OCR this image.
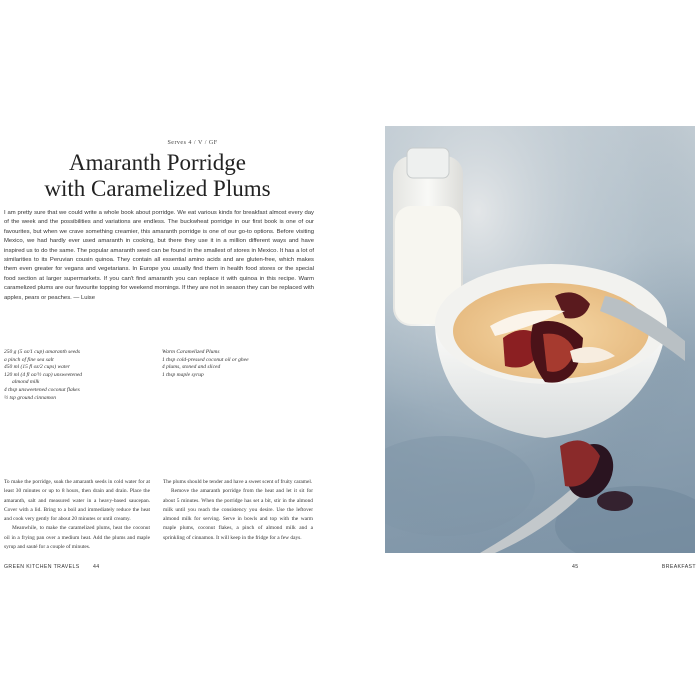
Serves 4 / V / GF
Amaranth Porridge
with Caramelized Plums
I am pretty sure that we could write a whole book about porridge. We eat various kinds for breakfast almost every day of the week and the possibilities and variations are endless. The buckwheat porridge in our first book is one of our favourites, but when we crave something creamier, this amaranth porridge is one of our go-to options. Before visiting Mexico, we had hardly ever used amaranth in cooking, but there they use it in a million different ways and have inspired us to do the same. The popular amaranth seed can be found in the smallest of stores in Mexico. It has a lot of similarities to its Peruvian cousin quinoa. They contain all essential amino acids and are gluten-free, which makes them even greater for vegans and vegetarians. In Europe you usually find them in health food stores or the special food section at larger supermarkets. If you can't find amaranth you can replace it with quinoa in this recipe. Warm caramelized plums are our favourite topping for weekend mornings. If they are not in season they can be replaced with apples, pears or peaches. — Luise
250 g (5 oz/1 cup) amaranth seeds
a pinch of fine sea salt
450 ml (15 fl oz/2 cups) water
120 ml (4 fl oz/½ cup) unsweetened
almond milk
4 tbsp unsweetened coconut flakes
½ tsp ground cinnamon
Warm Caramelized Plums
1 tbsp cold-pressed coconut oil or ghee
4 plums, stoned and sliced
1 tbsp maple syrup

To make the porridge, soak the amaranth seeds in cold water for at least 30 minutes or up to 8 hours, then drain and drain. Place the amaranth, salt and measured water in a heavy-based saucepan. Cover with a lid. Bring to a boil and immediately reduce the heat and cook very gently for about 20 minutes or until creamy.

Meanwhile, to make the caramelized plums, heat the coconut oil in a frying pan over a medium heat. Add the plums and maple syrup and sauté for a couple of minutes.

The plums should be tender and have a sweet scent of fruity caramel.

Remove the amaranth porridge from the heat and let it sit for about 5 minutes. When the porridge has set a bit, stir in the almond milk until you reach the consistency you desire. Use the leftover almond milk for serving. Serve in bowls and top with the warm maple plums, coconut flakes, a pinch of almond milk and a sprinkling of cinnamon. It will keep in the fridge for a few days.

GREEN KITCHEN TRAVELS	44	45	BREAKFAST
